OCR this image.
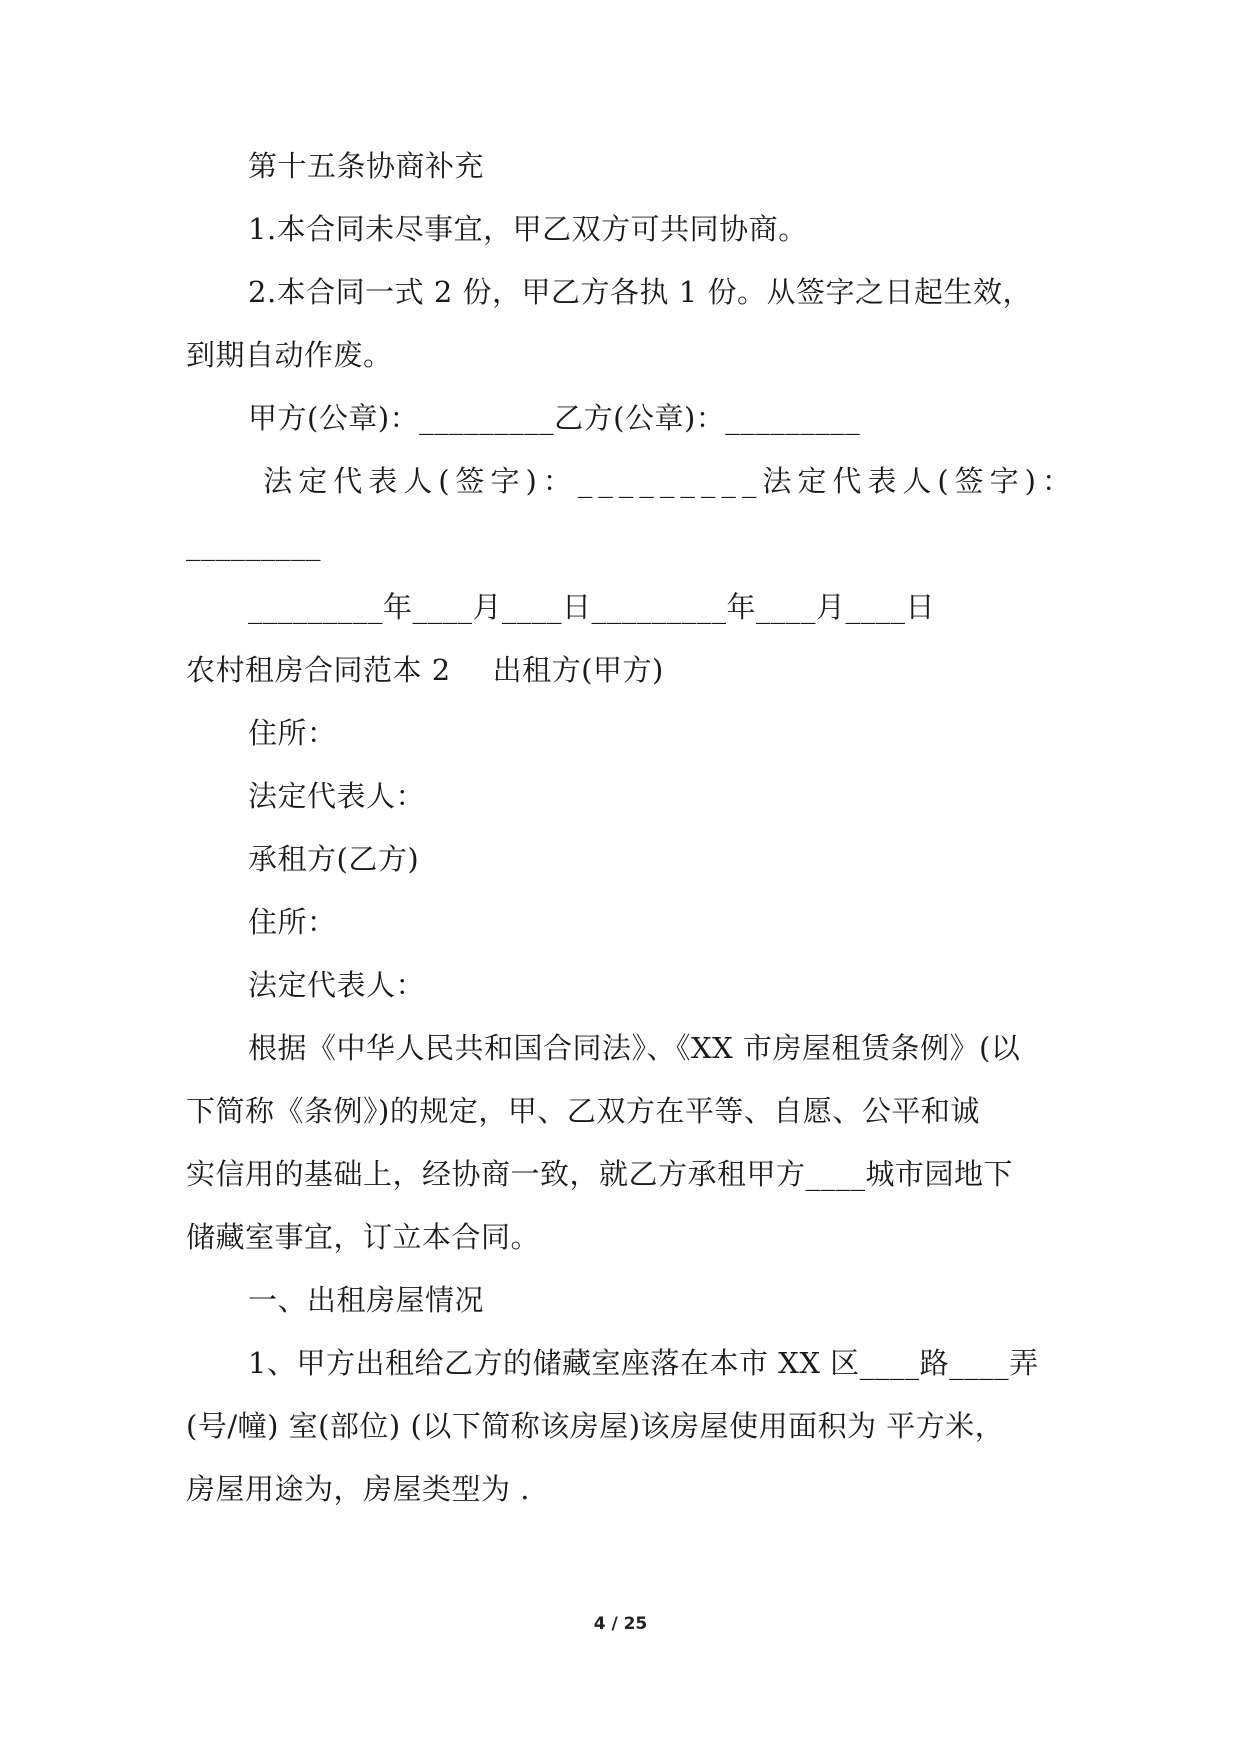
第十五条协商补充
1.本合同未尽事宜，甲乙双方可共同协商。
2.本合同一式 2 份，甲乙方各执 1 份。从签字之日起生效，
到期自动作废。
甲方(公章)：_________乙方(公章)：_________
法定代表人(签字)：_________法定代表人(签字)：
_________
_________年____月____日_________年____月____日
农村租房合同范本 2 出租方(甲方)
住所：
法定代表人：
承租方(乙方)
住所：
法定代表人：
根据《中华人民共和国合同法》、《XX 市房屋租赁条例》(以
下简称《条例》)的规定，甲、乙双方在平等、自愿、公平和诚
实信用的基础上，经协商一致，就乙方承租甲方____城市园地下
储藏室事宜，订立本合同。
一、出租房屋情况
1、甲方出租给乙方的储藏室座落在本市 XX 区____路____弄
(号/幢) 室(部位) (以下简称该房屋)该房屋使用面积为 平方米，
房屋用途为，房屋类型为 .
4 / 25
